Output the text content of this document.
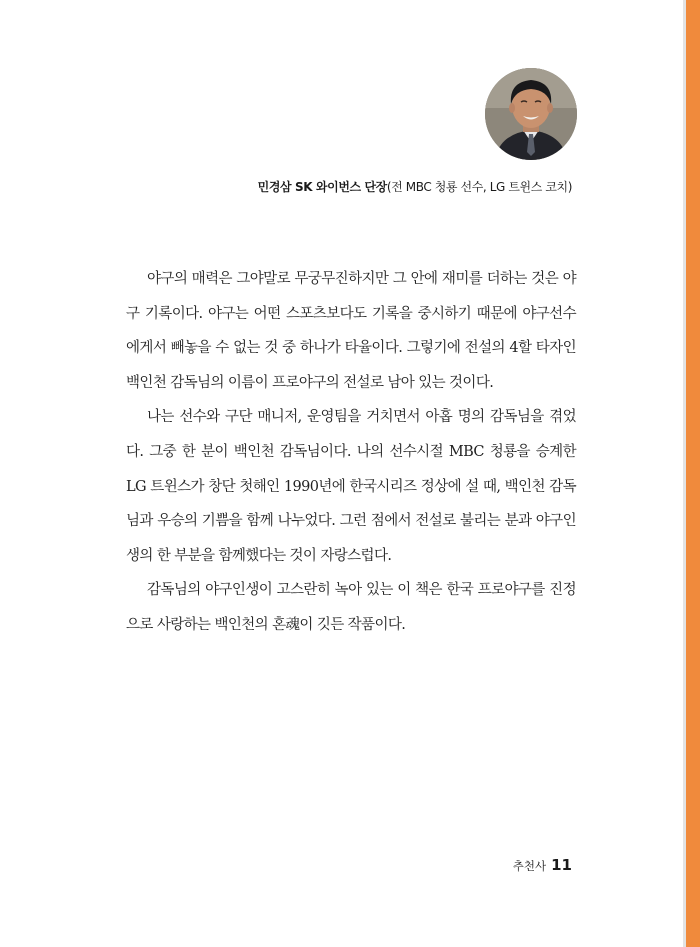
민경삼 SK 와이번스 단장(전 MBC 청룡 선수, LG 트윈스 코치)

야구의 매력은 그야말로 무궁무진하지만 그 안에 재미를 더하는 것은 야구 기록이다. 야구는 어떤 스포츠보다도 기록을 중시하기 때문에 야구선수에게서 빼놓을 수 없는 것 중 하나가 타율이다. 그렇기에 전설의 4할 타자인 백인천 감독님의 이름이 프로야구의 전설로 남아 있는 것이다.

나는 선수와 구단 매니저, 운영팀을 거치면서 아홉 명의 감독님을 겪었다. 그중 한 분이 백인천 감독님이다. 나의 선수시절 MBC 청룡을 승계한 LG 트윈스가 창단 첫해인 1990년에 한국시리즈 정상에 설 때, 백인천 감독님과 우승의 기쁨을 함께 나누었다. 그런 점에서 전설로 불리는 분과 야구인생의 한 부분을 함께했다는 것이 자랑스럽다.

감독님의 야구인생이 고스란히 녹아 있는 이 책은 한국 프로야구를 진정으로 사랑하는 백인천의 혼魂이 깃든 작품이다.

추천사 11
